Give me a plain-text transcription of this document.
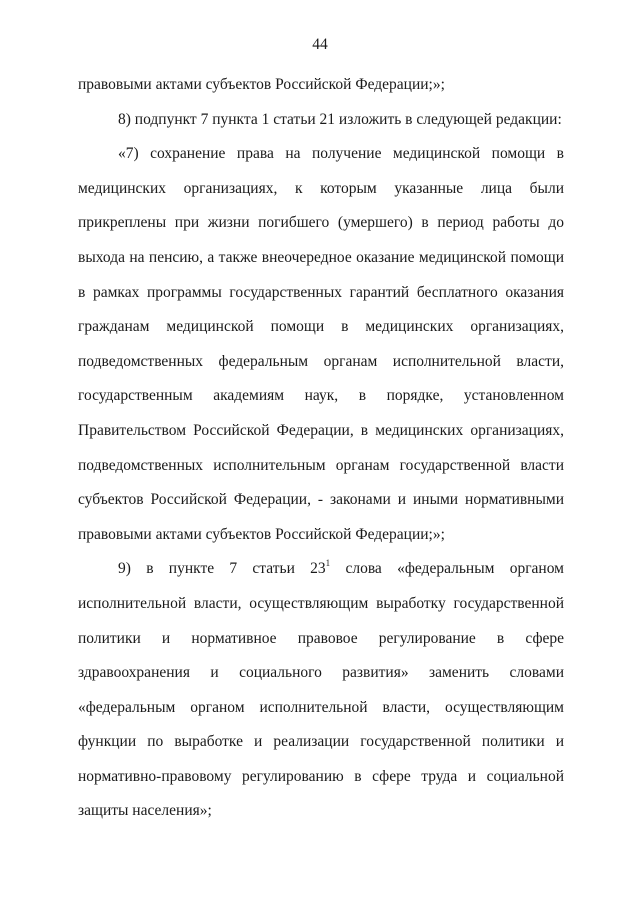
44

правовыми актами субъектов Российской Федерации;»;

8) подпункт 7 пункта 1 статьи 21 изложить в следующей редакции:

«7) сохранение права на получение медицинской помощи в медицинских организациях, к которым указанные лица были прикреплены при жизни погибшего (умершего) в период работы до выхода на пенсию, а также внеочередное оказание медицинской помощи в рамках программы государственных гарантий бесплатного оказания гражданам медицинской помощи в медицинских организациях, подведомственных федеральным органам исполнительной власти, государственным академиям наук, в порядке, установленном Правительством Российской Федерации, в медицинских организациях, подведомственных исполнительным органам государственной власти субъектов Российской Федерации, - законами и иными нормативными правовыми актами субъектов Российской Федерации;»;

9) в пункте 7 статьи 23$^1$ слова «федеральным органом исполнительной власти, осуществляющим выработку государственной политики и нормативное правовое регулирование в сфере здравоохранения и социального развития» заменить словами «федеральным органом исполнительной власти, осуществляющим функции по выработке и реализации государственной политики и нормативно-правовому регулированию в сфере труда и социальной защиты населения»;
